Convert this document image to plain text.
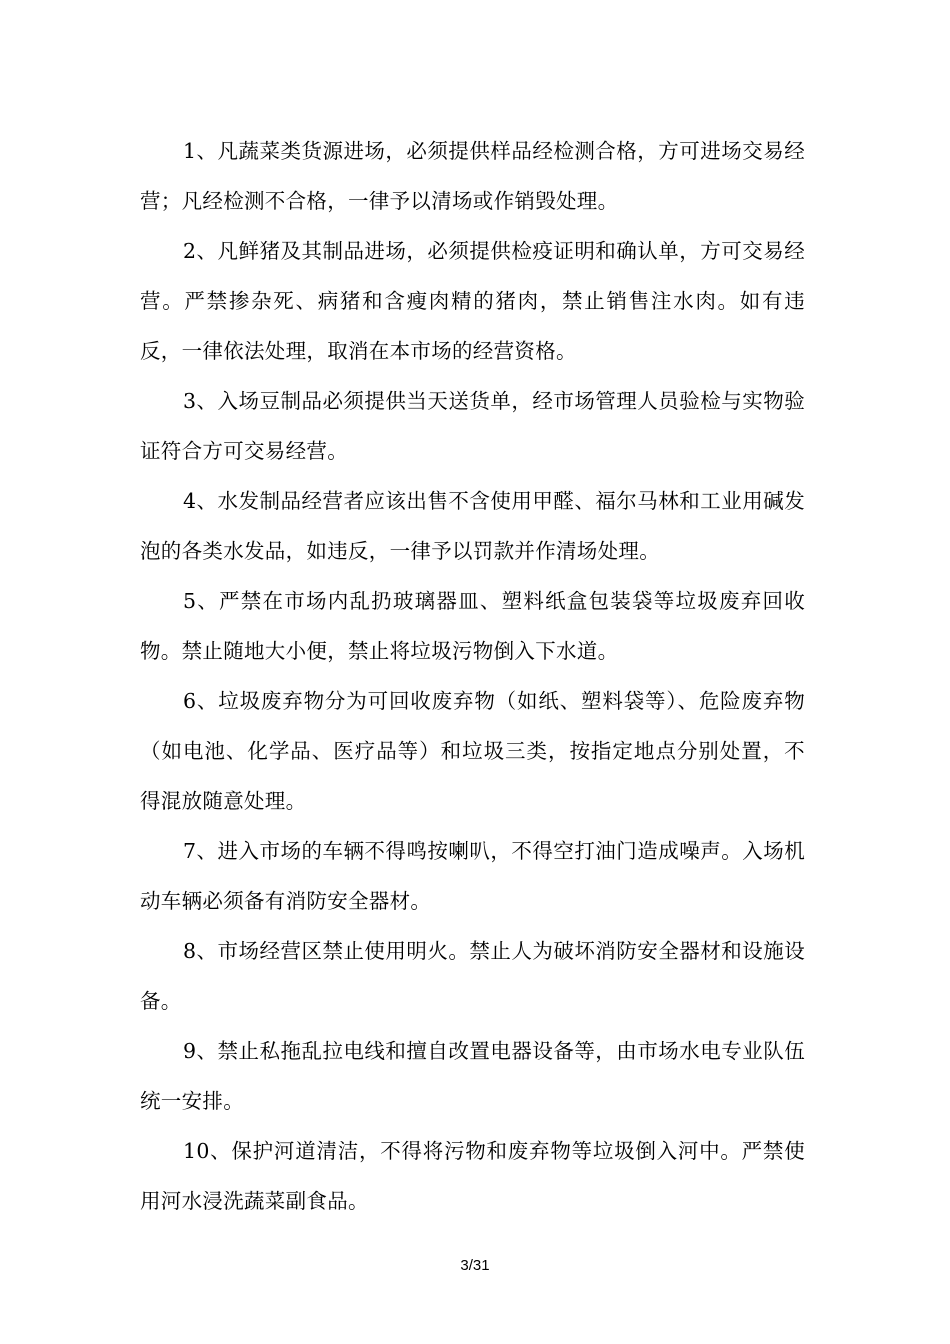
1、凡蔬菜类货源进场，必须提供样品经检测合格，方可进场交易经营；凡经检测不合格，一律予以清场或作销毁处理。

2、凡鲜猪及其制品进场，必须提供检疫证明和确认单，方可交易经营。严禁掺杂死、病猪和含瘦肉精的猪肉，禁止销售注水肉。如有违反，一律依法处理，取消在本市场的经营资格。

3、入场豆制品必须提供当天送货单，经市场管理人员验检与实物验证符合方可交易经营。

4、水发制品经营者应该出售不含使用甲醛、福尔马林和工业用碱发泡的各类水发品，如违反，一律予以罚款并作清场处理。

5、严禁在市场内乱扔玻璃器皿、塑料纸盒包装袋等垃圾废弃回收物。禁止随地大小便，禁止将垃圾污物倒入下水道。

6、垃圾废弃物分为可回收废弃物（如纸、塑料袋等）、危险废弃物（如电池、化学品、医疗品等）和垃圾三类，按指定地点分别处置，不得混放随意处理。

7、进入市场的车辆不得鸣按喇叭，不得空打油门造成噪声。入场机动车辆必须备有消防安全器材。

8、市场经营区禁止使用明火。禁止人为破坏消防安全器材和设施设备。

9、禁止私拖乱拉电线和擅自改置电器设备等，由市场水电专业队伍统一安排。

10、保护河道清洁，不得将污物和废弃物等垃圾倒入河中。严禁使用河水浸洗蔬菜副食品。

3/31
